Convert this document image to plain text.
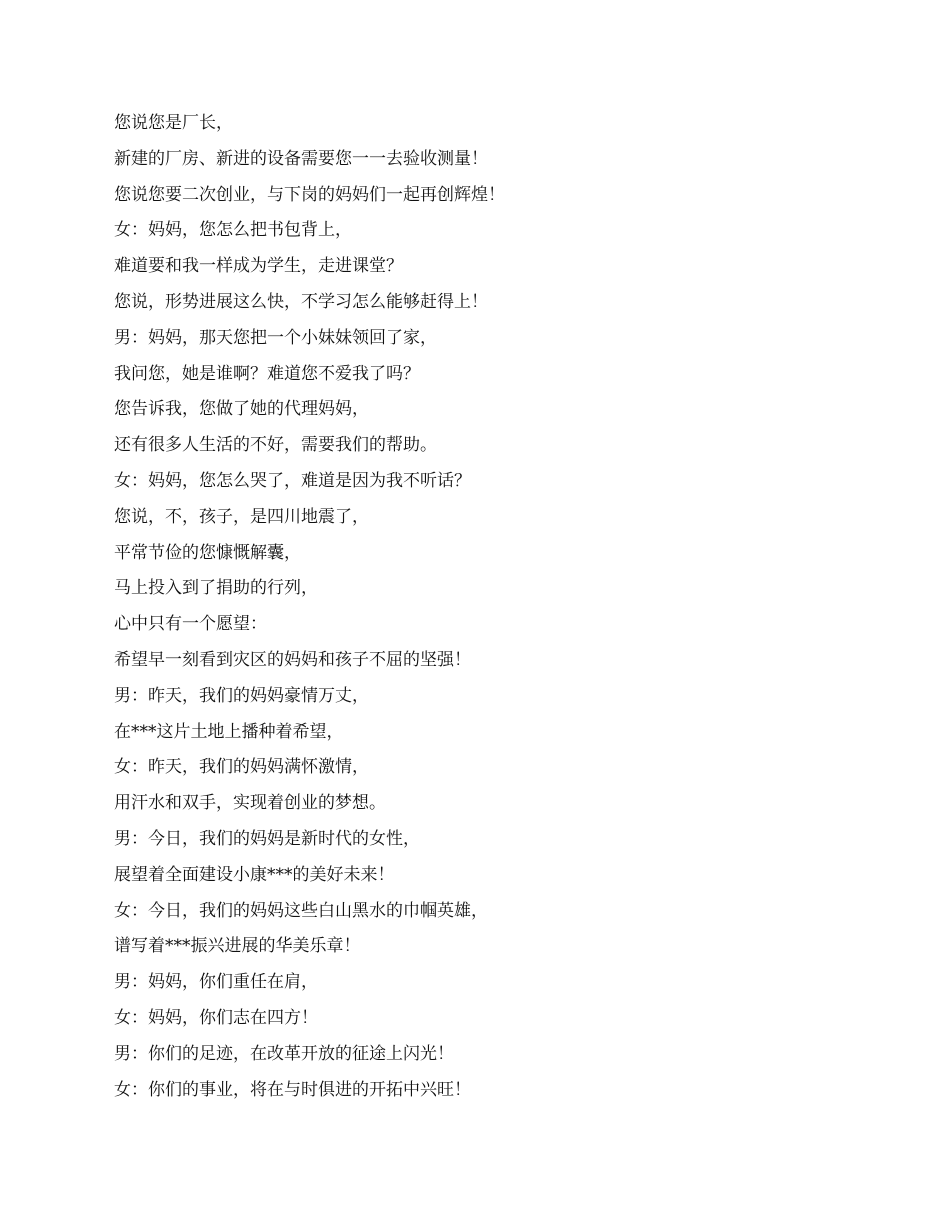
您说您是厂长，
新建的厂房、新进的设备需要您一一去验收测量！
您说您要二次创业，与下岗的妈妈们一起再创辉煌！
女：妈妈，您怎么把书包背上，
难道要和我一样成为学生，走进课堂？
您说，形势进展这么快，不学习怎么能够赶得上！
男：妈妈，那天您把一个小妹妹领回了家，
我问您，她是谁啊？难道您不爱我了吗？
您告诉我，您做了她的代理妈妈，
还有很多人生活的不好，需要我们的帮助。
女：妈妈，您怎么哭了，难道是因为我不听话？
您说，不，孩子，是四川地震了，
平常节俭的您慷慨解囊，
马上投入到了捐助的行列，
心中只有一个愿望：
希望早一刻看到灾区的妈妈和孩子不屈的坚强！
男：昨天，我们的妈妈豪情万丈，
在***这片土地上播种着希望，
女：昨天，我们的妈妈满怀激情，
用汗水和双手，实现着创业的梦想。
男：今日，我们的妈妈是新时代的女性，
展望着全面建设小康***的美好未来！
女：今日，我们的妈妈这些白山黑水的巾帼英雄，
谱写着***振兴进展的华美乐章！
男：妈妈，你们重任在肩，
女：妈妈，你们志在四方！
男：你们的足迹，在改革开放的征途上闪光！
女：你们的事业，将在与时俱进的开拓中兴旺！
